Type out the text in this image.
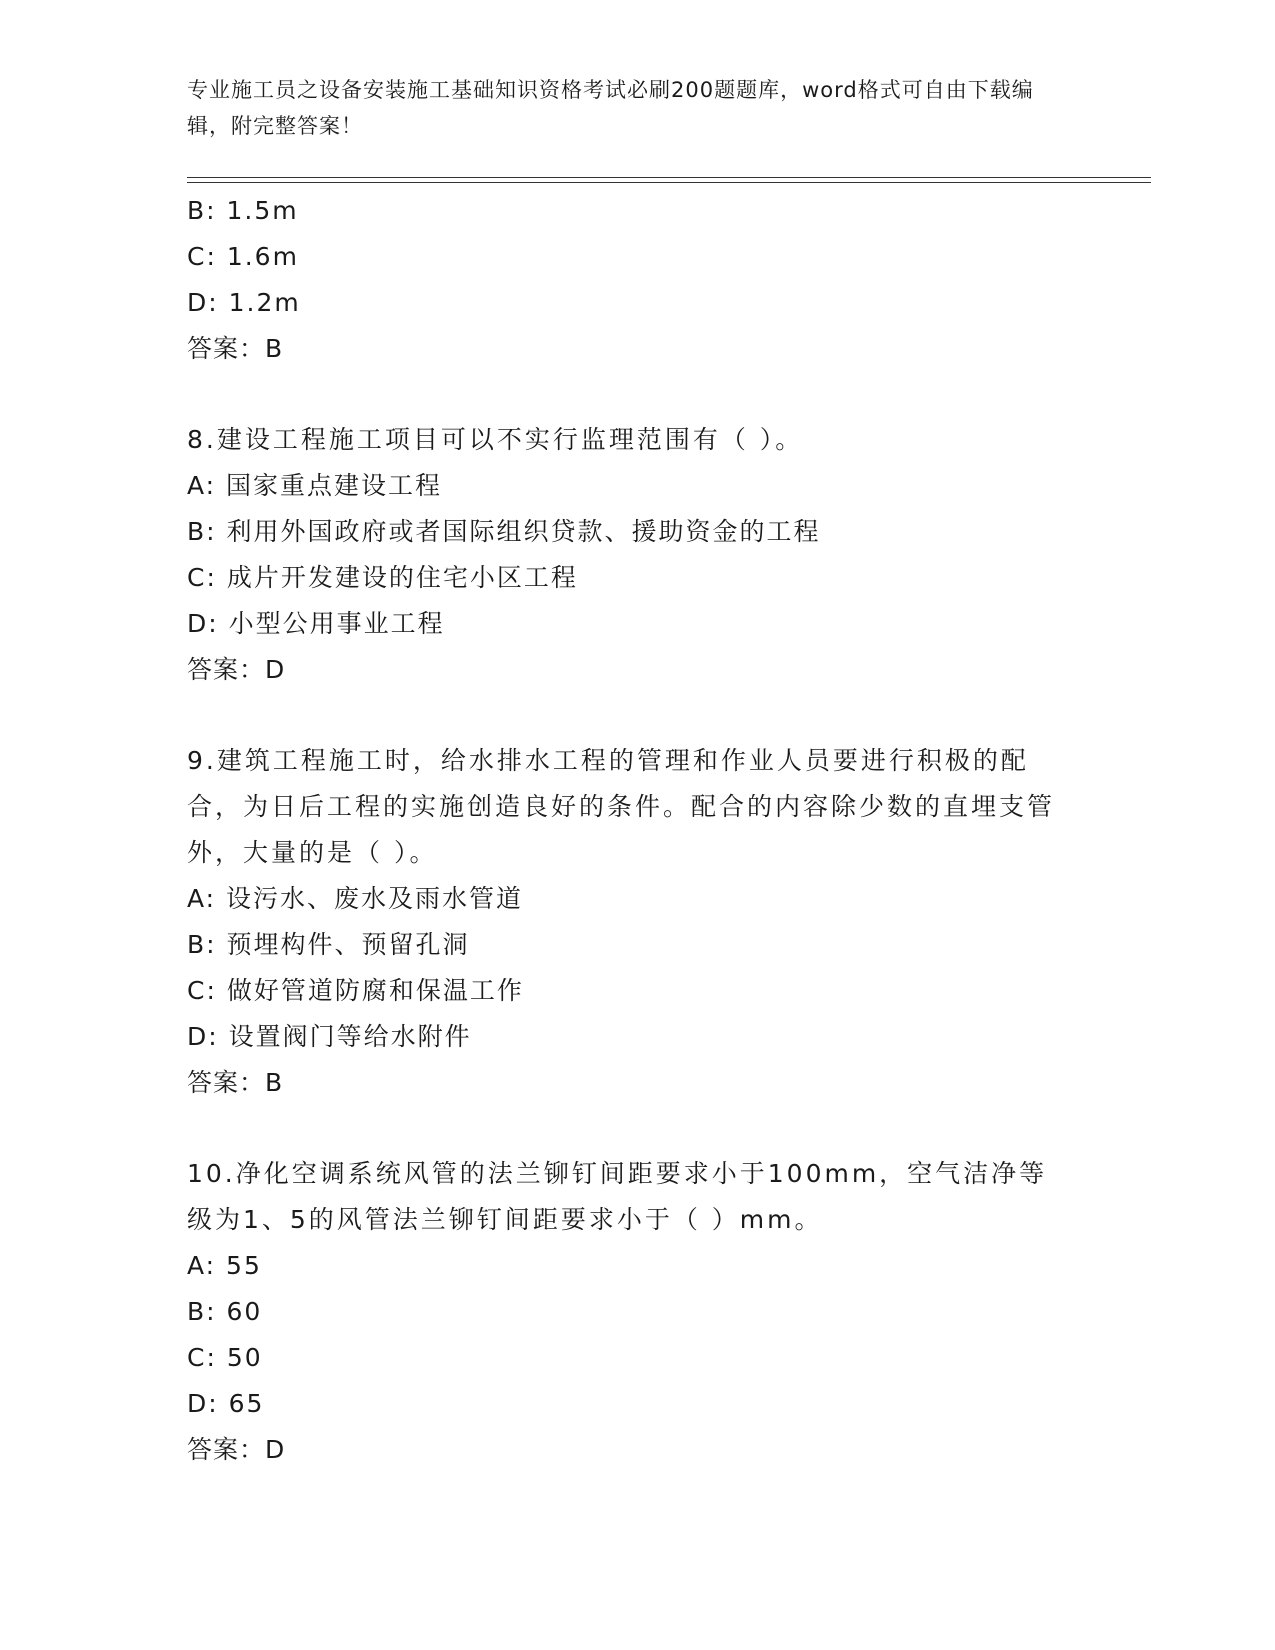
专业施工员之设备安装施工基础知识资格考试必刷200题题库，word格式可自由下载编辑，附完整答案！
B: 1.5m
C: 1.6m
D: 1.2m
答案：B
8.建设工程施工项目可以不实行监理范围有（ ）。
A: 国家重点建设工程
B: 利用外国政府或者国际组织贷款、援助资金的工程
C: 成片开发建设的住宅小区工程
D: 小型公用事业工程
答案：D
9.建筑工程施工时，给水排水工程的管理和作业人员要进行积极的配合，为日后工程的实施创造良好的条件。配合的内容除少数的直埋支管外，大量的是（ ）。
A: 设污水、废水及雨水管道
B: 预埋构件、预留孔洞
C: 做好管道防腐和保温工作
D: 设置阀门等给水附件
答案：B
10.净化空调系统风管的法兰铆钉间距要求小于100mm，空气洁净等级为1、5的风管法兰铆钉间距要求小于（ ）mm。
A: 55
B: 60
C: 50
D: 65
答案：D
